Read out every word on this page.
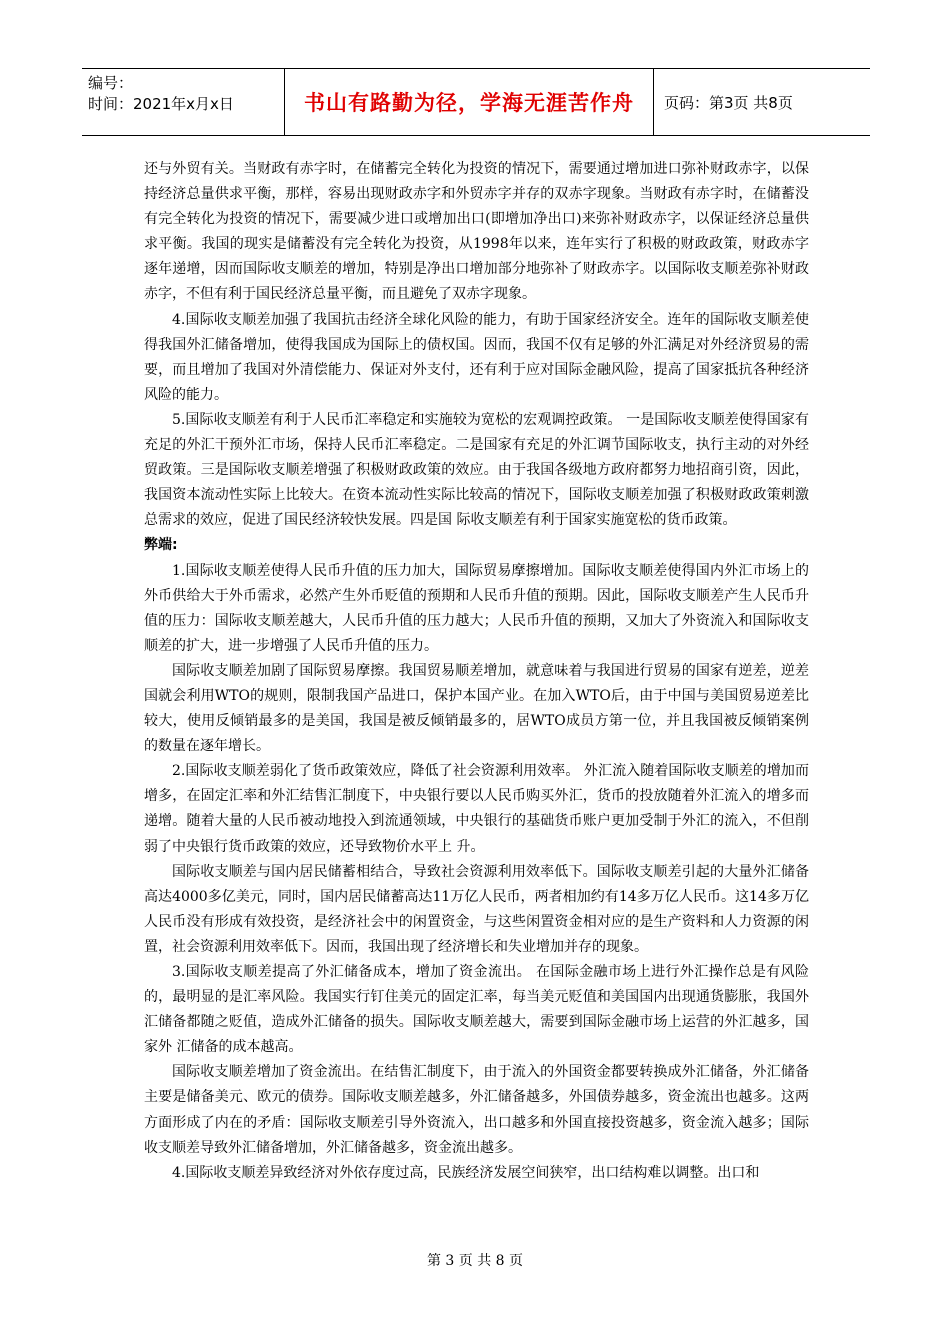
编号：
时间：2021年x月x日	书山有路勤为径，学海无涯苦作舟	页码：第3页 共8页

还与外贸有关。当财政有赤字时，在储蓄完全转化为投资的情况下，需要通过增加进口弥补财政赤字，以保持经济总量供求平衡，那样，容易出现财政赤字和外贸赤字并存的双赤字现象。当财政有赤字时，在储蓄没有完全转化为投资的情况下，需要减少进口或增加出口(即增加净出口)来弥补财政赤字，以保证经济总量供求平衡。我国的现实是储蓄没有完全转化为投资，从1998年以来，连年实行了积极的财政政策，财政赤字逐年递增，因而国际收支顺差的增加，特别是净出口增加部分地弥补了财政赤字。以国际收支顺差弥补财政赤字，不但有利于国民经济总量平衡，而且避免了双赤字现象。

4.国际收支顺差加强了我国抗击经济全球化风险的能力，有助于国家经济安全。连年的国际收支顺差使得我国外汇储备增加，使得我国成为国际上的债权国。因而，我国不仅有足够的外汇满足对外经济贸易的需要，而且增加了我国对外清偿能力、保证对外支付，还有利于应对国际金融风险，提高了国家抵抗各种经济风险的能力。

5.国际收支顺差有利于人民币汇率稳定和实施较为宽松的宏观调控政策。 一是国际收支顺差使得国家有充足的外汇干预外汇市场，保持人民币汇率稳定。二是国家有充足的外汇调节国际收支，执行主动的对外经贸政策。三是国际收支顺差增强了积极财政政策的效应。由于我国各级地方政府都努力地招商引资，因此，我国资本流动性实际上比较大。在资本流动性实际比较高的情况下，国际收支顺差加强了积极财政政策刺激总需求的效应，促进了国民经济较快发展。四是国 际收支顺差有利于国家实施宽松的货币政策。

弊端:

1.国际收支顺差使得人民币升值的压力加大，国际贸易摩擦增加。国际收支顺差使得国内外汇市场上的外币供给大于外币需求，必然产生外币贬值的预期和人民币升值的预期。因此，国际收支顺差产生人民币升值的压力：国际收支顺差越大，人民币升值的压力越大；人民币升值的预期，又加大了外资流入和国际收支顺差的扩大，进一步增强了人民币升值的压力。

国际收支顺差加剧了国际贸易摩擦。我国贸易顺差增加，就意味着与我国进行贸易的国家有逆差，逆差国就会利用WTO的规则，限制我国产品进口，保护本国产业。在加入WTO后，由于中国与美国贸易逆差比较大，使用反倾销最多的是美国，我国是被反倾销最多的，居WTO成员方第一位，并且我国被反倾销案例的数量在逐年增长。

2.国际收支顺差弱化了货币政策效应，降低了社会资源利用效率。 外汇流入随着国际收支顺差的增加而增多，在固定汇率和外汇结售汇制度下，中央银行要以人民币购买外汇，货币的投放随着外汇流入的增多而递增。随着大量的人民币被动地投入到流通领域，中央银行的基础货币账户更加受制于外汇的流入，不但削弱了中央银行货币政策的效应，还导致物价水平上 升。

国际收支顺差与国内居民储蓄相结合，导致社会资源利用效率低下。国际收支顺差引起的大量外汇储备高达4000多亿美元，同时，国内居民储蓄高达11万亿人民币，两者相加约有14多万亿人民币。这14多万亿人民币没有形成有效投资，是经济社会中的闲置资金，与这些闲置资金相对应的是生产资料和人力资源的闲置，社会资源利用效率低下。因而，我国出现了经济增长和失业增加并存的现象。

3.国际收支顺差提高了外汇储备成本，增加了资金流出。 在国际金融市场上进行外汇操作总是有风险的，最明显的是汇率风险。我国实行钉住美元的固定汇率，每当美元贬值和美国国内出现通货膨胀，我国外汇储备都随之贬值，造成外汇储备的损失。国际收支顺差越大，需要到国际金融市场上运营的外汇越多，国家外 汇储备的成本越高。

国际收支顺差增加了资金流出。在结售汇制度下，由于流入的外国资金都要转换成外汇储备，外汇储备主要是储备美元、欧元的债券。国际收支顺差越多，外汇储备越多，外国债券越多，资金流出也越多。这两方面形成了内在的矛盾：国际收支顺差引导外资流入，出口越多和外国直接投资越多，资金流入越多；国际收支顺差导致外汇储备增加，外汇储备越多，资金流出越多。

4.国际收支顺差异致经济对外依存度过高，民族经济发展空间狭窄，出口结构难以调整。出口和

第 3 页 共 8 页
